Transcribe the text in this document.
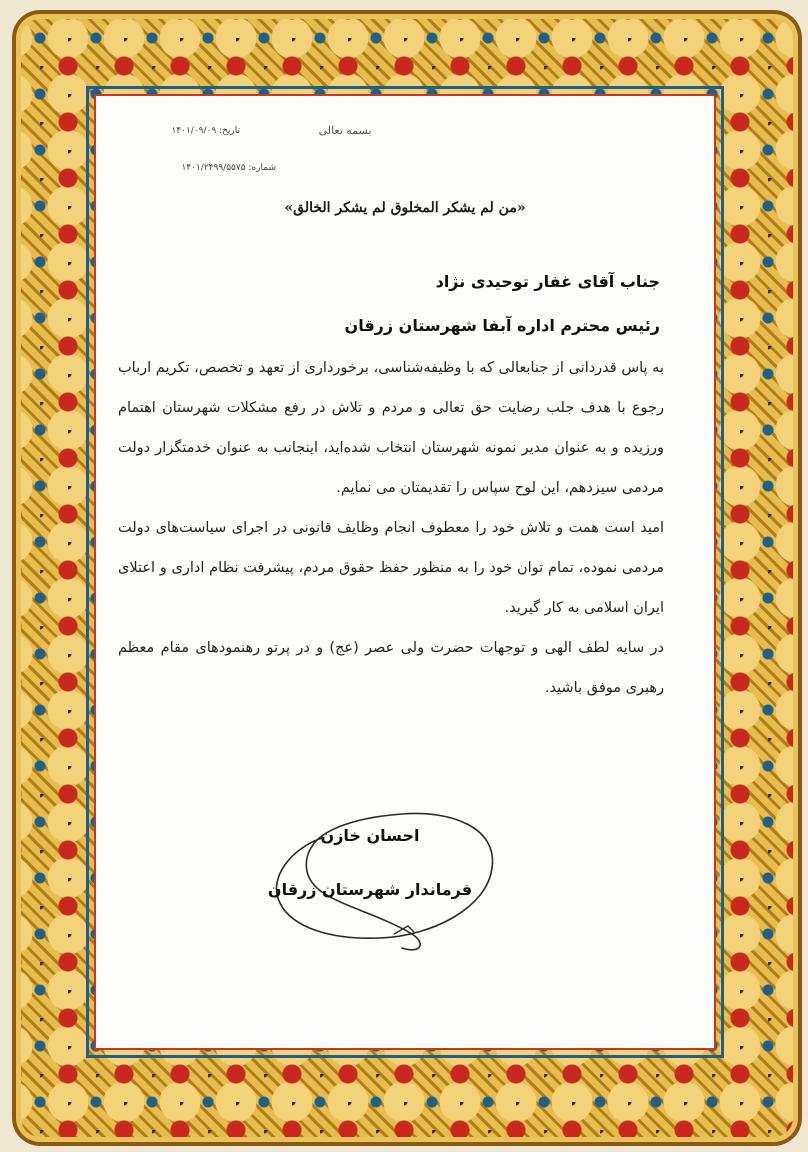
بسمه تعالی
تاریخ: ۱۴۰۱/۰۹/۰۹
شماره: ۱۴۰۱/۲۴۹۹/۵۵۷۵
«من لم یشکر المخلوق لم یشکر الخالق»
جناب آقای غفار توحیدی نژاد
رئیس محترم اداره آبفا شهرستان زرقان

به پاس قدردانی از جنابعالی که با وظیفه‌شناسی، برخورداری از تعهد و تخصص، تکریم ارباب رجوع با هدف جلب رضایت حق تعالی و مردم و تلاش در رفع مشکلات شهرستان اهتمام ورزیده و به عنوان مدیر نمونه شهرستان انتخاب شده‌اید، اینجانب به عنوان خدمتگزار دولت مردمی سیزدهم، این لوح سپاس را تقدیمتان می نمایم.

امید است همت و تلاش خود را معطوف انجام وظایف قانونی در اجرای سیاست‌های دولت مردمی نموده، تمام توان خود را به منظور حفظ حقوق مردم، پیشرفت نظام اداری و اعتلای ایران اسلامی به کار گیرید.

در سایه لطف الهی و توجهات حضرت ولی عصر (عج) و در پرتو رهنمودهای مقام معظم رهبری موفق باشید.

احسان خازن
فرماندار شهرستان زرقان
